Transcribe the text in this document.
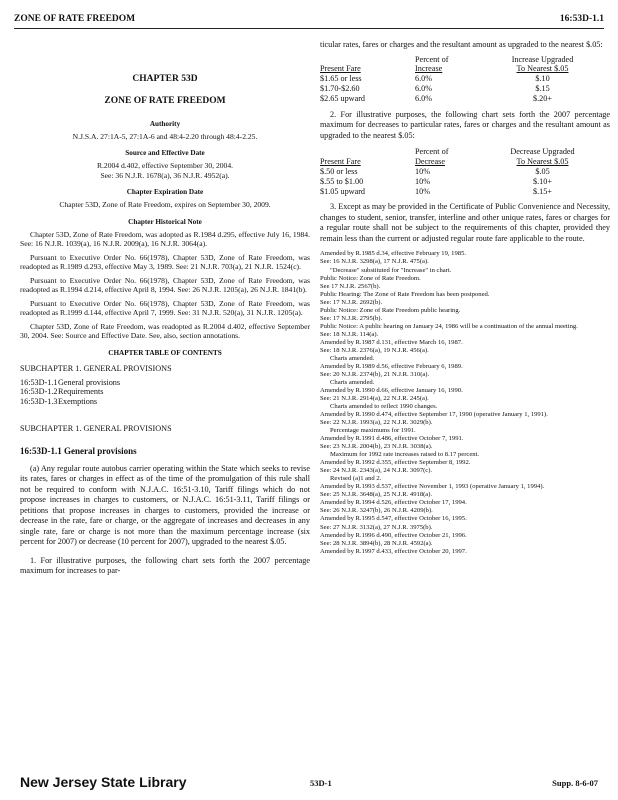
ZONE OF RATE FREEDOM	16:53D-1.1
CHAPTER 53D
ZONE OF RATE FREEDOM
Authority
N.J.S.A. 27:1A-5, 27:1A-6 and 48:4-2.20 through 48:4-2.25.
Source and Effective Date
R.2004 d.402, effective September 30, 2004.
See: 36 N.J.R. 1678(a), 36 N.J.R. 4952(a).
Chapter Expiration Date
Chapter 53D, Zone of Rate Freedom, expires on September 30, 2009.
Chapter Historical Note

Chapter 53D, Zone of Rate Freedom, was adopted as R.1984 d.295, effective July 16, 1984. See: 16 N.J.R. 1039(a), 16 N.J.R. 2009(a), 16 N.J.R. 3064(a).

Pursuant to Executive Order No. 66(1978), Chapter 53D, Zone of Rate Freedom, was readopted as R.1989 d.293, effective May 3, 1989. See: 21 N.J.R. 703(a), 21 N.J.R. 1524(c).

Pursuant to Executive Order No. 66(1978), Chapter 53D, Zone of Rate Freedom, was readopted as R.1994 d.214, effective April 8, 1994. See: 26 N.J.R. 1205(a), 26 N.J.R. 1841(b).

Pursuant to Executive Order No. 66(1978), Chapter 53D, Zone of Rate Freedom, was readopted as R.1999 d.144, effective April 7, 1999. See: 31 N.J.R. 520(a), 31 N.J.R. 1205(a).

Chapter 53D, Zone of Rate Freedom, was readopted as R.2004 d.402, effective September 30, 2004. See: Source and Effective Date. See, also, section annotations.

CHAPTER TABLE OF CONTENTS
SUBCHAPTER 1. GENERAL PROVISIONS
16:53D-1.1 General provisions
16:53D-1.2 Requirements
16:53D-1.3 Exemptions
SUBCHAPTER 1. GENERAL PROVISIONS
16:53D-1.1 General provisions

(a) Any regular route autobus carrier operating within the State which seeks to revise its rates, fares or charges in effect as of the time of the promulgation of this rule shall not be required to conform with N.J.A.C. 16:51-3.10, Tariff filings which do not propose increases in charges to customers, or N.J.A.C. 16:51-3.11, Tariff filings or petitions that propose increases in charges to customers, provided the increase or decrease in the rate, fare or charge, or the aggregate of increases and decreases in any single rate, fare or charge is not more than the maximum percentage increase (six percent for 2007) or decrease (10 percent for 2007), upgraded to the nearest $.05.

1. For illustrative purposes, the following chart sets forth the 2007 percentage maximum for increases to par-

ticular rates, fares or charges and the resultant amount as upgraded to the nearest $.05:
	Percent of	Increase Upgraded
Present Fare	Increase	To Nearest $.05
$1.65 or less	6.0%	$.10
$1.70-$2.60	6.0%	$.15
$2.65 upward	6.0%	$.20+

2. For illustrative purposes, the following chart sets forth the 2007 percentage maximum for decreases to particular rates, fares or charges and the resultant amount as upgraded to the nearest $.05:

	Percent of	Decrease Upgraded
Present Fare	Decrease	To Nearest $.05
$.50 or less	10%	$.05
$.55 to $1.00	10%	$.10+
$1.05 upward	10%	$.15+

3. Except as may be provided in the Certificate of Public Convenience and Necessity, changes to student, senior, transfer, interline and other unique rates, fares or charges for a regular route shall not be subject to the requirements of this chapter, provided they remain less than the current or adjusted regular route fare applicable to the route.

Amended by R.1985 d.34, effective February 19, 1985.
See: 16 N.J.R. 3298(a), 17 N.J.R. 475(a).
"Decrease" substituted for "Increase" in chart.
Public Notice: Zone of Rate Freedom.
See 17 N.J.R. 2567(b).
Public Hearing: The Zone of Rate Freedom has been postponed.
See: 17 N.J.R. 2692(b).
Public Notice: Zone of Rate Freedom public hearing.
See: 17 N.J.R. 2795(b).
Public Notice: A public hearing on January 24, 1986 will be a continuation of the annual meeting.
See: 18 N.J.R. 114(a).
Amended by R.1987 d.131, effective March 16, 1987.
See: 18 N.J.R. 2376(a), 19 N.J.R. 456(a).
Charts amended.
Amended by R.1989 d.56, effective February 6, 1989.
See: 20 N.J.R. 2374(b), 21 N.J.R. 310(a).
Charts amended.
Amended by R.1990 d.66, effective January 16, 1990.
See: 21 N.J.R. 2914(a), 22 N.J.R. 245(a).
Charts amended to reflect 1990 changes.
Amended by R.1990 d.474, effective September 17, 1990 (operative January 1, 1991).
See: 22 N.J.R. 1993(a), 22 N.J.R. 3029(b).
Percentage maximums for 1991.
Amended by R.1991 d.486, effective October 7, 1991.
See: 23 N.J.R. 2004(b), 23 N.J.R. 3038(a).
Maximum for 1992 rate increases raised to 8.17 percent.
Amended by R.1992 d.355, effective September 8, 1992.
See: 24 N.J.R. 2343(a), 24 N.J.R. 3097(c).
Revised (a)1 and 2.
Amended by R.1993 d.537, effective November 1, 1993 (operative January 1, 1994).
See: 25 N.J.R. 3648(a), 25 N.J.R. 4918(a).
Amended by R.1994 d.526, effective October 17, 1994.
See: 26 N.J.R. 3247(b), 26 N.J.R. 4209(b).
Amended by R.1995 d.547, effective October 16, 1995.
See: 27 N.J.R. 3132(a), 27 N.J.R. 3975(b).
Amended by R.1996 d.490, effective October 21, 1996.
See: 28 N.J.R. 3894(b), 28 N.J.R. 4592(a).
Amended by R.1997 d.433, effective October 20, 1997.
New Jersey State Library	53D-1	Supp. 8-6-07
